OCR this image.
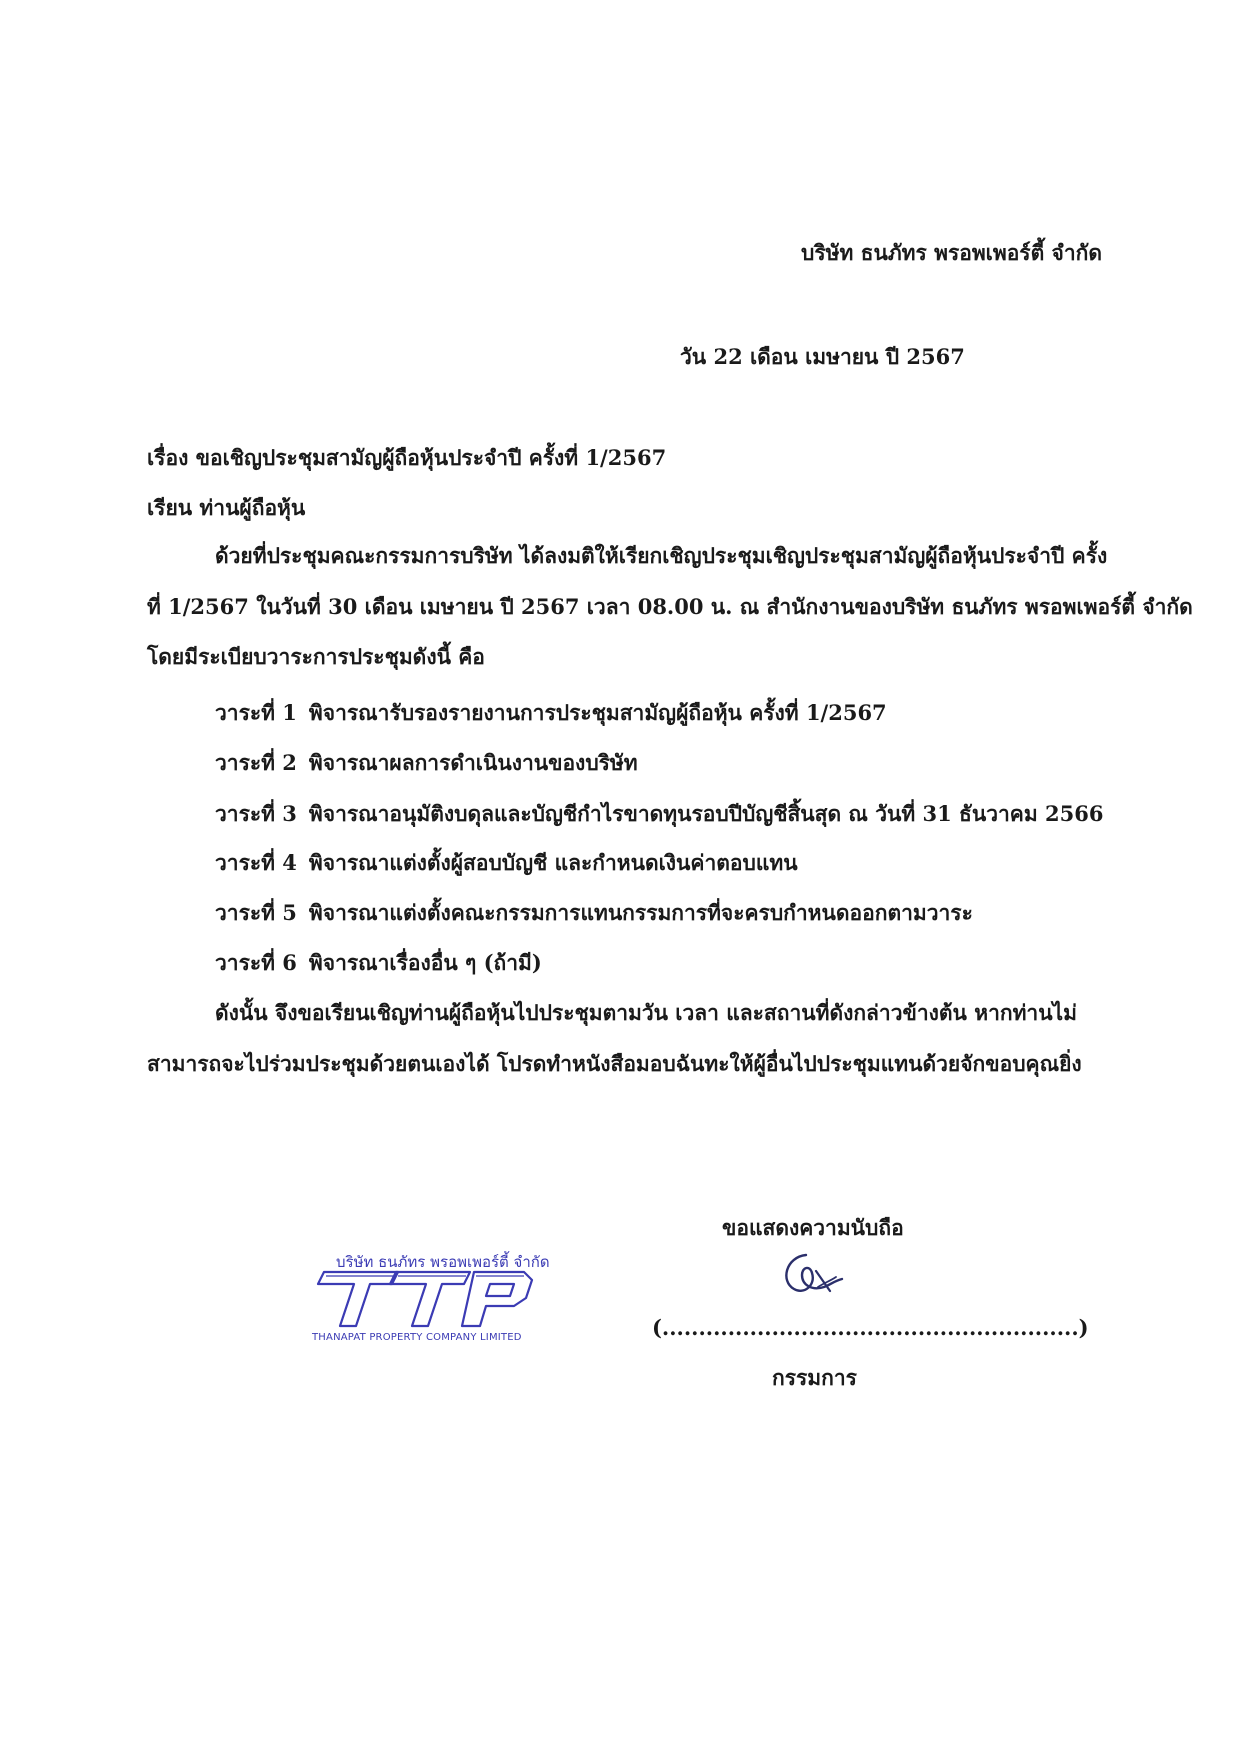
บริษัท ธนภัทร พรอพเพอร์ตี้ จำกัด
วัน 22 เดือน เมษายน ปี 2567
เรื่อง ขอเชิญประชุมสามัญผู้ถือหุ้นประจำปี ครั้งที่ 1/2567
เรียน ท่านผู้ถือหุ้น
ด้วยที่ประชุมคณะกรรมการบริษัท ได้ลงมติให้เรียกเชิญประชุมเชิญประชุมสามัญผู้ถือหุ้นประจำปี ครั้ง
ที่ 1/2567 ในวันที่ 30 เดือน เมษายน ปี 2567 เวลา 08.00 น. ณ สำนักงานของบริษัท ธนภัทร พรอพเพอร์ตี้ จำกัด
โดยมีระเบียบวาระการประชุมดังนี้ คือ
วาระที่ 1 พิจารณารับรองรายงานการประชุมสามัญผู้ถือหุ้น ครั้งที่ 1/2567
วาระที่ 2 พิจารณาผลการดำเนินงานของบริษัท
วาระที่ 3 พิจารณาอนุมัติงบดุลและบัญชีกำไรขาดทุนรอบปีบัญชีสิ้นสุด ณ วันที่ 31 ธันวาคม 2566
วาระที่ 4 พิจารณาแต่งตั้งผู้สอบบัญชี และกำหนดเงินค่าตอบแทน
วาระที่ 5 พิจารณาแต่งตั้งคณะกรรมการแทนกรรมการที่จะครบกำหนดออกตามวาระ
วาระที่ 6 พิจารณาเรื่องอื่น ๆ (ถ้ามี)
ดังนั้น จึงขอเรียนเชิญท่านผู้ถือหุ้นไปประชุมตามวัน เวลา และสถานที่ดังกล่าวข้างต้น หากท่านไม่
สามารถจะไปร่วมประชุมด้วยตนเองได้ โปรดทำหนังสือมอบฉันทะให้ผู้อื่นไปประชุมแทนด้วยจักขอบคุณยิ่ง
ขอแสดงความนับถือ
(.........................................................)
กรรมการ
บริษัท ธนภัทร พรอพเพอร์ตี้ จำกัด
THANAPAT PROPERTY COMPANY LIMITED
